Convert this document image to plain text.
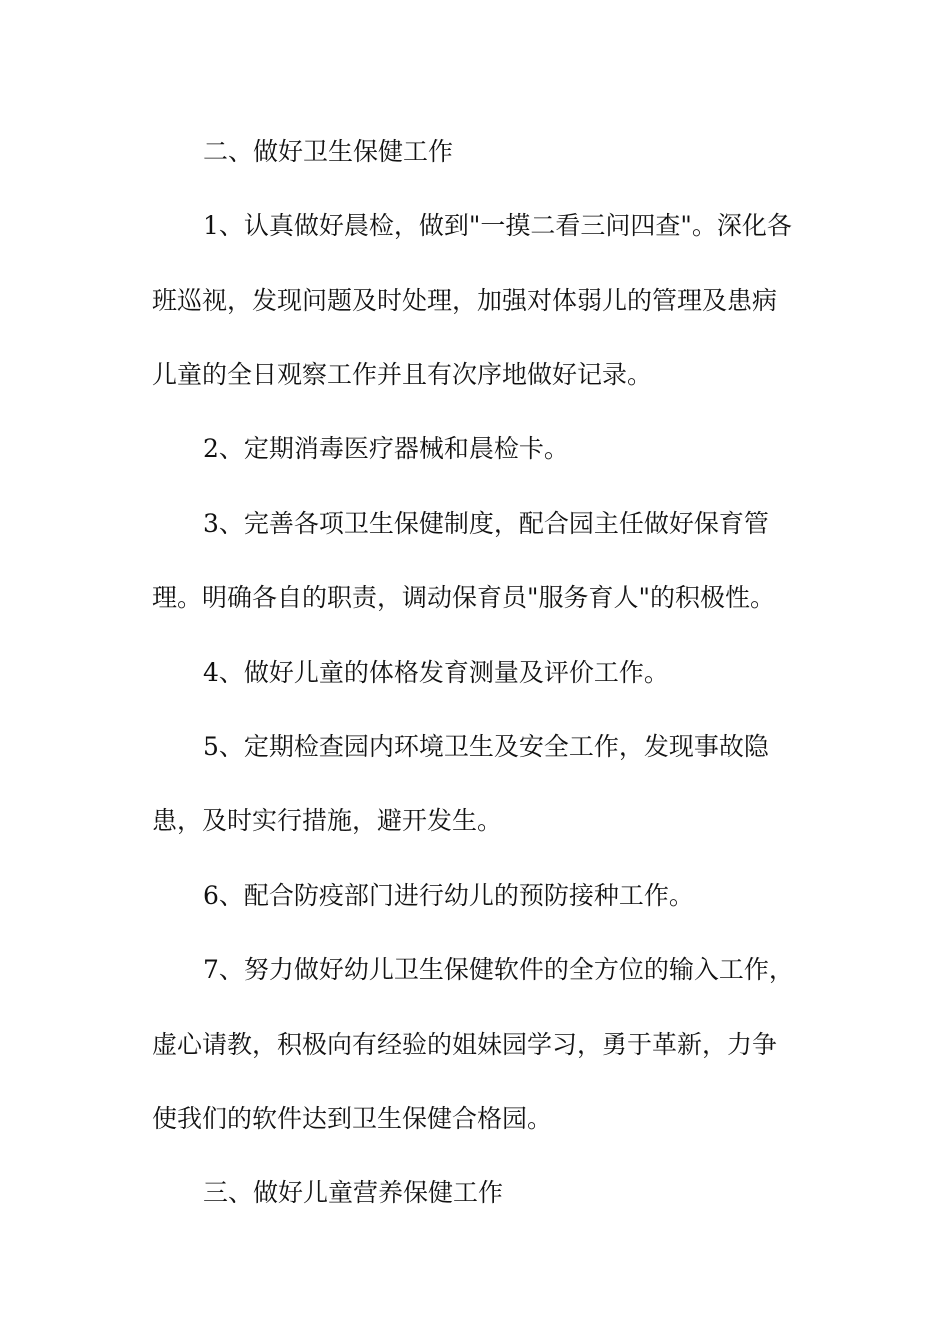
二、做好卫生保健工作
1、认真做好晨检，做到"一摸二看三问四查"。深化各
班巡视，发现问题及时处理，加强对体弱儿的管理及患病
儿童的全日观察工作并且有次序地做好记录。
2、定期消毒医疗器械和晨检卡。
3、完善各项卫生保健制度，配合园主任做好保育管
理。明确各自的职责，调动保育员"服务育人"的积极性。
4、做好儿童的体格发育测量及评价工作。
5、定期检查园内环境卫生及安全工作，发现事故隐
患，及时实行措施，避开发生。
6、配合防疫部门进行幼儿的预防接种工作。
7、努力做好幼儿卫生保健软件的全方位的输入工作，
虚心请教，积极向有经验的姐妹园学习，勇于革新，力争
使我们的软件达到卫生保健合格园。
三、做好儿童营养保健工作
